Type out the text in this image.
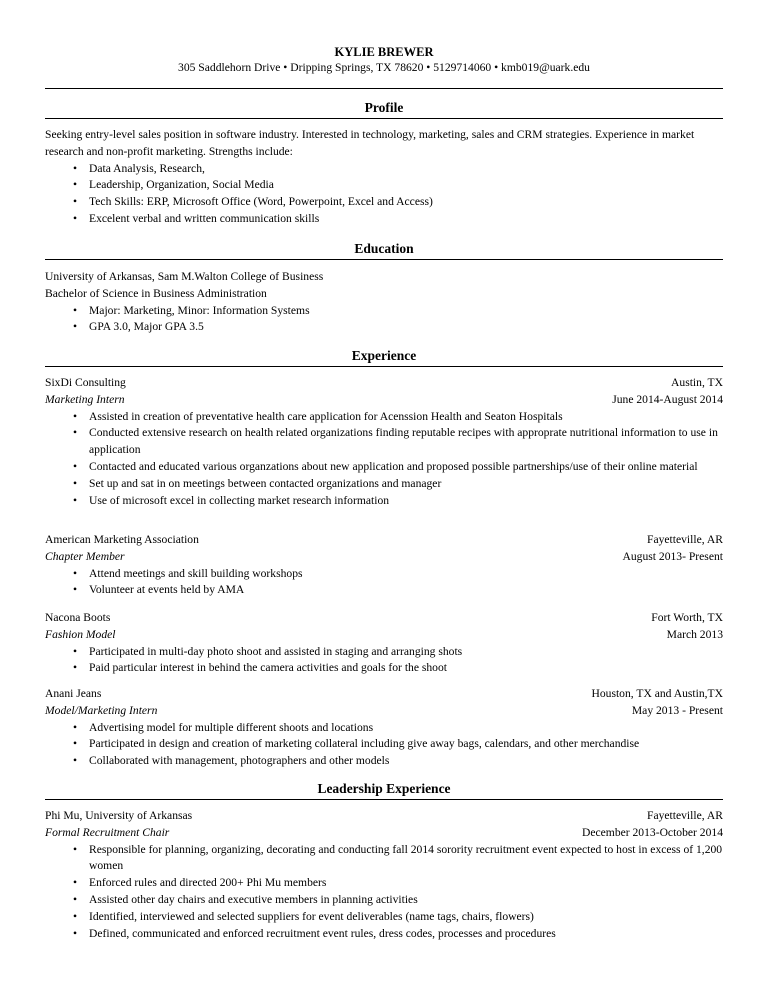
KYLIE BREWER
305 Saddlehorn Drive • Dripping Springs, TX 78620 • 5129714060 • kmb019@uark.edu
Profile
Seeking entry-level sales position in software industry. Interested in technology, marketing, sales and CRM strategies. Experience in market research and non-profit marketing. Strengths include:
• Data Analysis, Research,
• Leadership, Organization, Social Media
• Tech Skills: ERP, Microsoft Office (Word, Powerpoint, Excel and Access)
• Excelent verbal and written communication skills
Education
University of Arkansas, Sam M.Walton College of Business
Bachelor of Science in Business Administration
• Major: Marketing, Minor: Information Systems
• GPA 3.0, Major GPA 3.5
Experience
SixDi Consulting	Austin, TX
Marketing Intern	June 2014-August 2014
• Assisted in creation of preventative health care application for Acenssion Health and Seaton Hospitals
• Conducted extensive research on health related organizations finding reputable recipes with approprate nutritional information to use in application
• Contacted and educated various organzations about new application and proposed possible partnerships/use of their online material
• Set up and sat in on meetings between contacted organizations and manager
• Use of microsoft excel in collecting market research information
American Marketing Association	Fayetteville, AR
Chapter Member	August 2013- Present
• Attend meetings and skill building workshops
• Volunteer at events held by AMA
Nacona Boots	Fort Worth, TX
Fashion Model	March 2013
• Participated in multi-day photo shoot and assisted in staging and arranging shots
• Paid particular interest in behind the camera activities and goals for the shoot
Anani Jeans	Houston, TX and Austin,TX
Model/Marketing Intern	May 2013 - Present
• Advertising model for multiple different shoots and locations
• Participated in design and creation of marketing collateral including give away bags, calendars, and other merchandise
• Collaborated with management, photographers and other models
Leadership Experience
Phi Mu, University of Arkansas	Fayetteville, AR
Formal Recruitment Chair	December 2013-October 2014
• Responsible for planning, organizing, decorating and conducting fall 2014 sorority recruitment event expected to host in excess of 1,200 women
• Enforced rules and directed 200+ Phi Mu members
• Assisted other day chairs and executive members in planning activities
• Identified, interviewed and selected suppliers for event deliverables (name tags, chairs, flowers)
• Defined, communicated and enforced recruitment event rules, dress codes, processes and procedures
